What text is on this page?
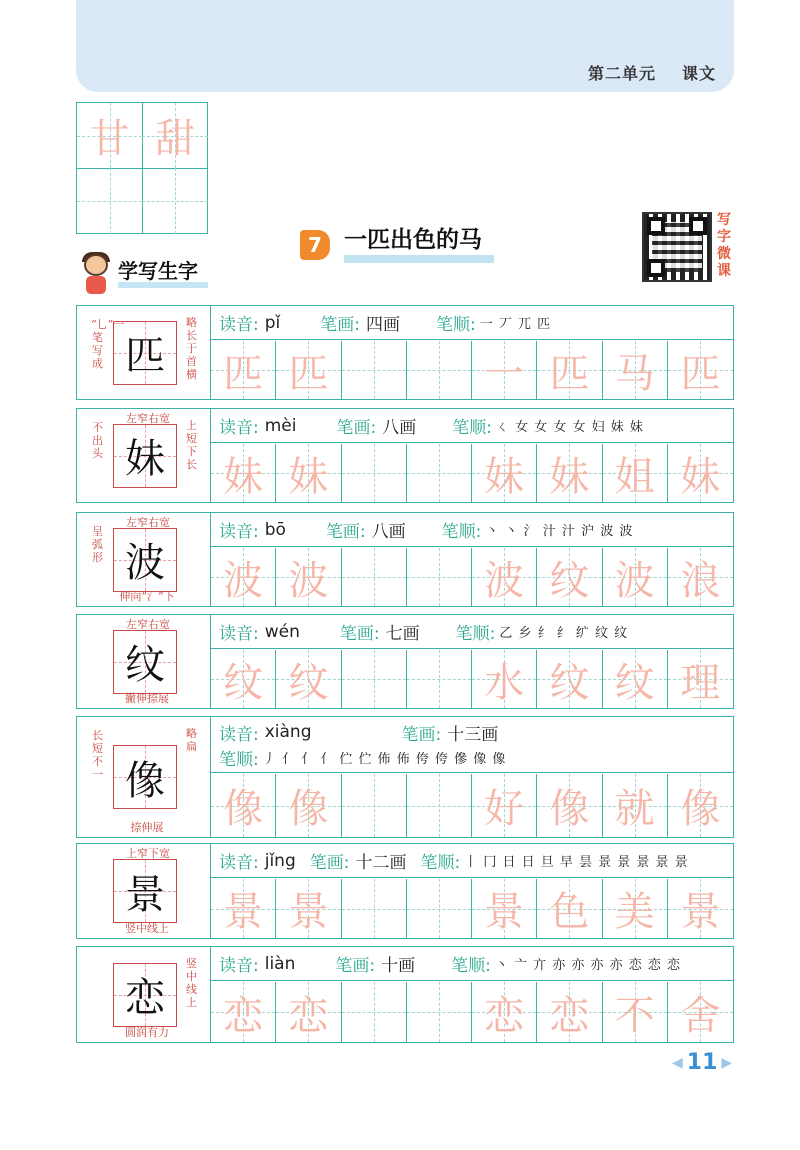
第二单元 课文
甘 甜
7 一匹出色的马
写
字
微
课
学写生字
匹
“乚”一笔写成
略长于首横
读音: pǐ 笔画: 四画 笔顺: 一 丆 兀 匹
匹 匹	一 匹 马 匹
妹
左窄右宽
不出头
上短下长
读音: mèi 笔画: 八画 笔顺: ㄑ 女 女 女 女 妇 妹 妹
妹 妹	妹 妹 姐 妹
波
左窄右宽
伸向“氵”下
呈弧形
读音: bō 笔画: 八画 笔顺: 丶 丶 氵 汁 汁 沪 波 波
波 波	波 纹 波 浪
纹
左窄右宽
撇伸捺展
读音: wén 笔画: 七画 笔顺: 乙 乡 纟 纟 纩 纹 纹
纹 纹	水 纹 纹 理
像
捺伸展
长短不一
略扁
读音: xiàng	笔画: 十三画
笔顺: 丿 亻 亻 亻 伫 伫 佈 佈 侉 侉 傪 像 像
像 像	好 像 就 像
景
上窄下宽
竖中线上
读音: jǐng 笔画: 十二画 笔顺: 丨 冂 日 日 旦 早 昙 景 景 景 景 景
景 景	景 色 美 景
恋
圆润有力
竖中线上
读音: liàn 笔画: 十画 笔顺: 丶 亠 亣 亦 亦 亦 亦 恋 恋 恋
恋 恋	恋 恋 不 舍
◀ 11 ▶
